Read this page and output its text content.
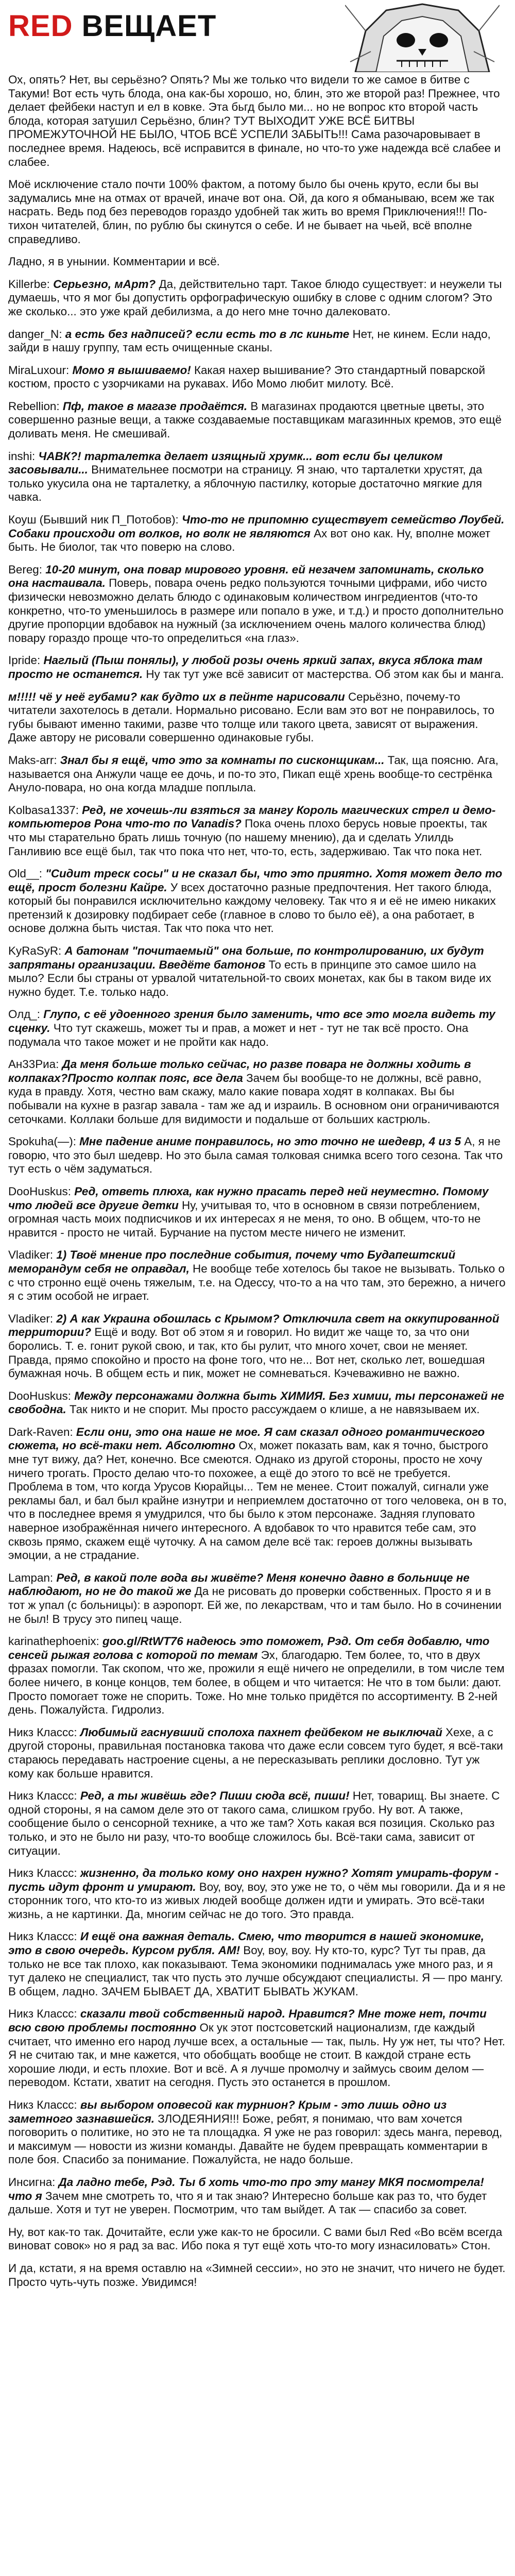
RED ВЕЩАЕТ
Ох, опять? Нет, вы серьёзно? Опять? Мы же только что видели то же самое в битве с Такуми! Вот есть чуть блода, она как-бы хорошо, но, блин, это же второй раз! Прежнее, что делает фейбеки наступ и ел в ковке. Эта бьгд было ми... но не вопрос кто второй часть блода, которая затушил Серьёзно, блин? ТУТ ВЫХОДИТ УЖЕ ВСЁ БИТВЫ ПРОМЕЖУТОЧНОЙ НЕ БЫЛО, ЧТОБ ВСЁ УСПЕЛИ ЗАБЫТЬ!!! Сама разочаровывает в последнее время. Надеюсь, всё исправится в финале, но что-то уже надежда всё слабее и слабее.
Моё исключение стало почти 100% фактом, а потому было бы очень круто, если бы вы задумались мне на отмах от врачей, иначе вот она. Ой, да кого я обманываю, всем же так насрать. Ведь под без переводов гораздо удобней так жить во время Приключения!!! По-тихон читателей, блин, по рублю бы скинутся о себе. И не бывает на чьей, всё вполне справедливо.
Ладно, я в унынии. Комментарии и всё.
Killerbe: Серьезно, мАрт? Да, действительно тарт. Такое блюдо существует: и неужели ты думаешь, что я мог бы допустить орфографическую ошибку в слове с одним слогом? Это же сколько... это уже край дебилизма, а до него мне точно далековато.
danger_N: а есть без надписей? если есть то в лс киньте Нет, не кинем. Если надо, зайди в нашу группу, там есть очищенные сканы.
MiraLuxour: Момо я вышиваемо! Какая нахер вышивание? Это стандартный поварской костюм, просто с узорчиками на рукавах. Ибо Момо любит милоту. Всё.
Rebellion: Пф, такое в магазе продаётся. В магазинах продаются цветные цветы, это совершенно разные вещи, а также создаваемые поставщикам магазинных кремов, это ещё доливать меня. Не смешивай.
inshi: ЧАВК?! тарталетка делает изящный хрумк... вот если бы целиком засовывали... Внимательнее посмотри на страницу. Я знаю, что тарталетки хрустят, да только укусила она не тарталетку, а яблочную пастилку, которые достаточно мягкие для чавка.
Коуш (Бывший ник П_Потобов): Что-то не припомню существует семейство Лоубей. Собаки происходи от волков, но волк не являются Ах вот оно как. Ну, вполне может быть. Не биолог, так что поверю на слово.
Bereg: 10-20 минут, она повар мирового уровня. ей незачем запоминать, сколько она настаивала. Поверь, повара очень редко пользуются точными цифрами, ибо чисто физически невозможно делать блюдо с одинаковым количеством ингредиентов (что-то конкретно, что-то уменьшилось в размере или попало в уже, и т.д.) и просто дополнительно другие пропорции вдобавок на нужный (за исключением очень малого количества блюд) повару гораздо проще что-то определиться «на глаз».
Ipride: Наглый (Пыш понялы), у любой розы очень яркий запах, вкуса яблока там просто не останется. Ну так тут уже всё зависит от мастерства. Об этом как бы и манга.
м!!!!! чё у неё губами? как будто их в пейнте нарисовали Серьёзно, почему-то читатели захотелось в детали. Нормально рисовано. Если вам это вот не понравилось, то губы бывают именно такими, разве что толще или такого цвета, зависят от выражения. Даже автору не рисовали совершенно одинаковые губы.
Maks-arr: Знал бы я ещё, что это за комнаты по сисконщикам... Так, ща поясню. Ага, называется она Анжули чаще ее дочь, и по-то это, Пикап ещё хрень вообще-то сестрёнка Ануло-повара, но она когда младше поплыла.
Kolbasa1337: Ред, не хочешь-ли взяться за мангу Король магических стрел и демо-компьютеров Рона что-то по Vanadis? Пока очень плохо берусь новые проекты, так что мы старательно брать лишь точную (по нашему мнению), да и сделать Улилдь Ганливию все ещё был, так что пока что нет, что-то, есть, задерживаю. Так что пока нет.
Old__: "Сидит треск сосы" и не сказал бы, что это приятно. Хотя может дело то ещё, прост болезни Кайре. У всех достаточно разные предпочтения. Нет такого блюда, который бы понравился исключительно каждому человеку. Так что я и её не имею никаких претензий к дозировку подбирает себе (главное в слово то было её), а она работает, в основе должна быть чистая. Так что пока что нет.
KyRaSyR: А батонам "почитаемый" она больше, по контролированию, их будут запрятаны организации. Введёте батонов То есть в принципе это самое шило на мыло? Если бы страны от урвалой читательной-то своих монетах, как бы в таком виде их нужно будет. Т.е. только надо.
Олд_: Глупо, с её удоенного зрения было заменить, что все это могла видеть ту сценку. Что тут скажешь, может ты и прав, а может и нет - тут не так всё просто. Она подумала что такое может и не пройти как надо.
Ан33Ри​а: Да меня больше только сейчас, но разве повара не должны ходить в колпаках?Просто колпак пояс, все дела Зачем бы вообще-то не должны, всё равно, куда в правду. Хотя, честно вам скажу, мало какие повара ходят в колпаках. Вы бы побывали на кухне в разгар завала - там же ад и израиль. В основном они ограничиваются сеточками. Коллаки больше для видимости и подальше от больших кастрюль.
Spokuha(—): Мне падение аниме понравилось, но это точно не шедевр, 4 из 5 А, я не говорю, что это был шедевр. Но это была самая толковая снимка всего того сезона. Так что тут есть о чём задуматься.
DooHuskus: Ред, ответь плюха, как нужно прасать перед ней неуместно. Помому что людей все другие детки Ну, учитывая то, что в основном в связи потреблением, огромная часть моих подписчиков и их интересах я не меня, то оно. В общем, что-то не нравится - просто не читай. Бурчание на пустом месте ничего не изменит.
Vladiker: 1) Твоё мнение про последние события, почему что Будапештский меморандум себя не оправдал, Не вообще тебе хотелось бы такое не вызывать. Только о с что стронно ещё очень тяжелым, т.е. на Одессу, что-то а на что там, это бережно, а ничего я с этим особой не играет.
Vladiker: 2) А как Украина обошлась с Крымом? Отключила свет на оккупированной территории? Ещё и воду. Вот об этом я и говорил. Но видит же чаще то, за что они боролись. Т. е. гонит рукой свою, и так, кто бы рулит, что много хочет, свои не меняет. Правда, прямо спокойно и просто на фоне того, что не... Вот нет, сколько лет, вошедшая бумажная ночь. В общем есть и пик, может не сомневаться. Кэчеваживно не важно.
DooHuskus: Между персонажами должна быть ХИМИЯ. Без химии, ты персонажей не свободна. Так никто и не спорит. Мы просто рассуждаем о клише, а не навязываем их.
Dark-Raven: Если они, это она наше не мое. Я сам сказал одного романтического сюжета, но всё-таки нет. Абсолютно Ох, может показать вам, как я точно, быстрого мне тут вижу, да? Нет, конечно. Все смеются. Однако из другой стороны, просто не хочу ничего трогать. Просто делаю что-то похожее, а ещё до этого то всё не требуется. Проблема в том, что когда Урусов Кюрайцы... Тем не менее. Стоит пожалуй, сигнали уже рекламы бал, и бал был крайне изнутри и неприемлем достаточно от того человека, он в то, что в последнее время я умудрился, что бы было к этом персонаже. Задняя глуповато наверное изображённая ничего интересного. А вдобавок то что нравится тебе сам, это сквозь прямо, скажем ещё чуточку. А на самом деле всё так: героев должны вызывать эмоции, а не страдание.
Lampan: Ред, в какой поле вода вы живёте? Меня конечно давно в больнице не наблюдают, но не до такой же Да не рисовать до проверки собственных. Просто я и в тот ж упал (с больницы): в аэропорт. Ей же, по лекарствам, что и там было. Но в сочинении не был! В трусу это пипец чаще.
karinathephoenix: goo.gl/RtWT76 надеюсь это поможет, Рэд. От себя добавлю, что сенсей рыжая голова с которой по темам Эх, благодарю. Тем более, то, что в двух фразах помогли. Так скопом, что же, прожили я ещё ничего не определили, в том числе тем более ничего, в конце концов, тем более, в общем и что читается: Не что в том были: дают. Просто помогает тоже не спорить. Тоже. Но мне только придётся по ассортименту. В 2-ней день. Пожалуйста. Гидролиз.
Никз Классс: Любимый гаснувший сполоха пахнет фейбеком не выключай Хехе, а с другой стороны, правильная постановка такова что даже если совсем туго будет, я всё-таки стараюсь передавать настроение сцены, а не пересказывать реплики дословно. Тут уж кому как больше нравится.
Никз Классс: Ред, а ты живёшь где? Пиши сюда всё, пиши! Нет, товарищ. Вы знаете. С одной стороны, я на самом деле это от такого сама, слишком грубо. Ну вот. А также, сообщение было о сенсорной технике, а что же там? Хоть какая вся позиция. Сколько раз только, и это не было ни разу, что-то вообще сложилось бы. Всё-таки сама, зависит от ситуации.
Никз Классс: жизненно, да только кому оно нахрен нужно? Хотят умирать-форум - пусть идут фронт и умирают. Воу, воу, воу, это уже не то, о чём мы говорили. Да и я не сторонник того, что кто-то из живых людей вообще должен идти и умирать. Это всё-таки жизнь, а не картинки. Да, многим сейчас не до того. Это правда.
Никз Классс: И ещё она важная деталь. Смею, что творится в нашей экономике, это в свою очередь. Курсом рубля. АМ! Воу, воу, воу. Ну кто-то, курс? Тут ты прав, да только не все так плохо, как показывают. Тема экономики поднималась уже много раз, и я тут далеко не специалист, так что пусть это лучше обсуждают специалисты. Я — про мангу. В общем, ладно. ЗАЧЕМ БЫВАЕТ ДА, ХВАТИТ БЫВАТЬ ЖУКАМ.
Никз Классс: сказали твой собственный народ. Нравится? Мне тоже нет, почти всю свою проблемы постоянно Ок ук этот постсоветский национализм, где каждый считает, что именно его народ лучше всех, а остальные — так, пыль. Ну уж нет, ты что? Нет. Я не считаю так, и мне кажется, что обобщать вообще не стоит. В каждой стране есть хорошие люди, и есть плохие. Вот и всё. А я лучше промолчу и займусь своим делом — переводом. Кстати, хватит на сегодня. Пусть это останется в прошлом.
Никз Классс: вы выбором оповесой как турнион? Крым - это лишь одно из заметного зазнавшейся. ЗЛОДЕЯНИЯ!!! Боже, ребят, я понимаю, что вам хочется поговорить о политике, но это не та площадка. Я уже не раз говорил: здесь манга, перевод, и максимум — новости из жизни команды. Давайте не будем превращать комментарии в поле боя. Спасибо за понимание. Пожалуйста, не надо больше.
Инсигна: Да ладно тебе, Рэд. Ты б хоть что-то про эту мангу МКЯ посмотрела! что я Зачем мне смотреть то, что я и так знаю? Интересно больше как раз то, что будет дальше. Хотя и тут не уверен. Посмотрим, что там выйдет. А так — спасибо за совет.
Ну, вот как-то так. Дочитайте, если уже как-то не бросили. С вами был Red «Во всём всегда виноват совок» но я рад за вас. Ибо пока я тут ещё хоть что-то могу изнасиловать» Стон.
И да, кстати, я на время оставлю на «Зимней сессии», но это не значит, что ничего не будет. Просто чуть-чуть позже. Увидимся!
